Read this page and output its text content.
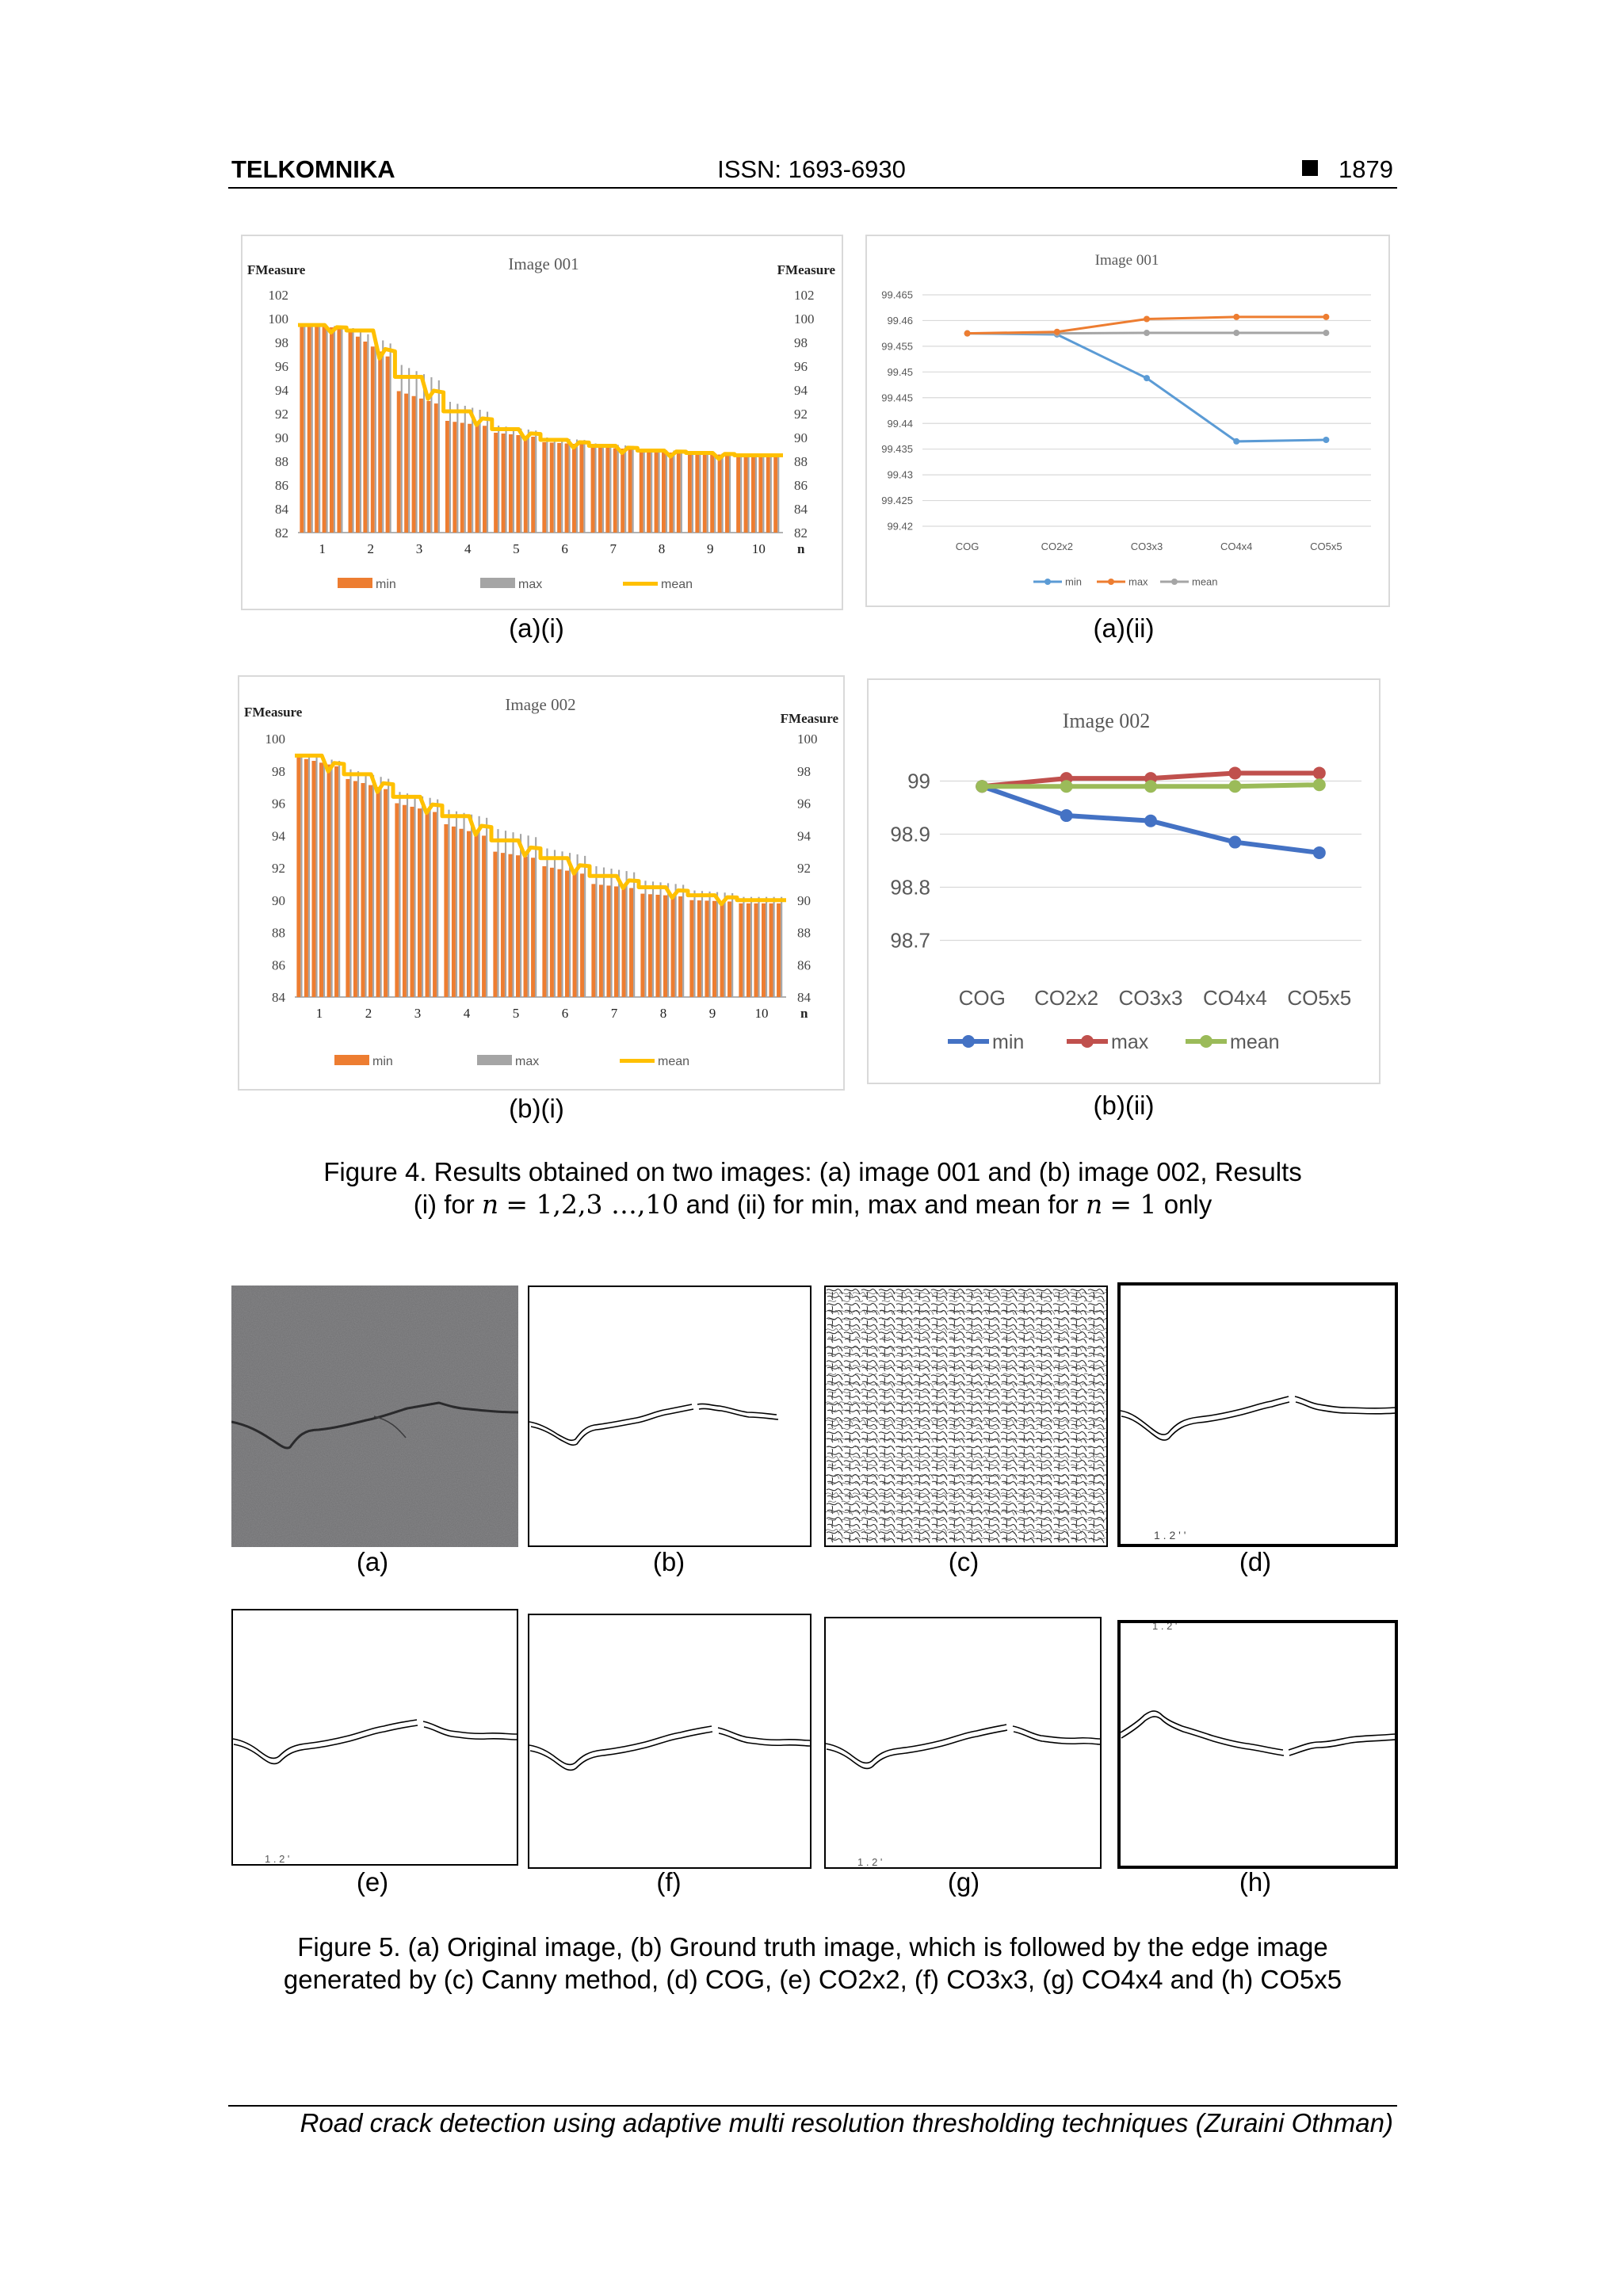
TELKOMNIKA	ISSN: 1693-6930	1879
Image 001
FMeasure	FMeasure
82	82
84	84
86	86
88	88
90	90
92	92
94	94
96	96
98	98
100	100
102	102
1	2	3	4	5	6	7	8	9	10 n
min	max	mean
Image 001
99.42
99.425
99.43
99.435
99.44
99.445
99.45
99.455
99.46
99.465
COG	CO2x2	CO3x3	CO4x4	CO5x5
min	max	mean
(a)(i)	(a)(ii)
Image 002
FMeasure	FMeasure
84	84
86	86
88	88
90	90
92	92
94	94
96	96
98	98
100	100
1	2	3	4	5	6	7	8	9	10 n
min	max	mean
Image 002
98.7
98.8
98.9
99
COG CO2x2 CO3x3 CO4x4 CO5x5
min	max	mean
(b)(i)	(b)(ii)
Figure 4. Results obtained on two images: (a) image 001 and (b) image 002, Results
(i) for n = 1,2,3 …,10 and (ii) for min, max and mean for n = 1 only
1 . 2 ' '
(a)	(b)	(c)	(d)
1 . 2 '	1 . 2 '
1 . 2 '
(e)	(f)	(g)	(h)
Figure 5. (a) Original image, (b) Ground truth image, which is followed by the edge image
generated by (c) Canny method, (d) COG, (e) CO2x2, (f) CO3x3, (g) CO4x4 and (h) CO5x5
Road crack detection using adaptive multi resolution thresholding techniques (Zuraini Othman)
